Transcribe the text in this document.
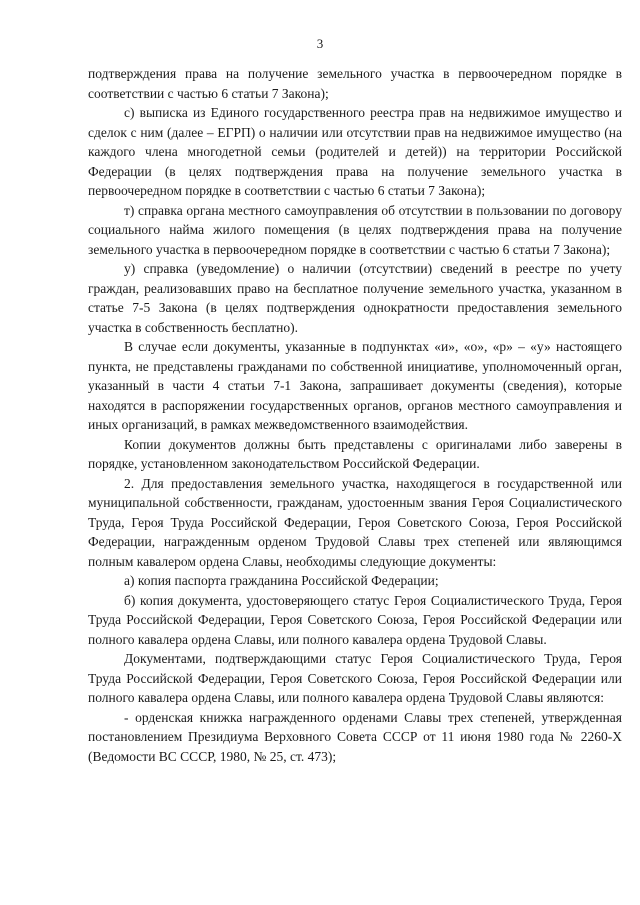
3

подтверждения права на получение земельного участка в первоочередном порядке в соответствии с частью 6 статьи 7 Закона);

с) выписка из Единого государственного реестра прав на недвижимое имущество и сделок с ним (далее – ЕГРП) о наличии или отсутствии прав на недвижимое имущество (на каждого члена многодетной семьи (родителей и детей)) на территории Российской Федерации (в целях подтверждения права на получение земельного участка в первоочередном порядке в соответствии с частью 6 статьи 7 Закона);

т) справка органа местного самоуправления об отсутствии в пользовании по договору социального найма жилого помещения (в целях подтверждения права на получение земельного участка в первоочередном порядке в соответствии с частью 6 статьи 7 Закона);

у) справка (уведомление) о наличии (отсутствии) сведений в реестре по учету граждан, реализовавших право на бесплатное получение земельного участка, указанном в статье 7-5 Закона (в целях подтверждения однократности предоставления земельного участка в собственность бесплатно).

В случае если документы, указанные в подпунктах «и», «о», «р» – «у» настоящего пункта, не представлены гражданами по собственной инициативе, уполномоченный орган, указанный в части 4 статьи 7-1 Закона, запрашивает документы (сведения), которые находятся в распоряжении государственных органов, органов местного самоуправления и иных организаций, в рамках межведомственного взаимодействия.

Копии документов должны быть представлены с оригиналами либо заверены в порядке, установленном законодательством Российской Федерации.

2. Для предоставления земельного участка, находящегося в государственной или муниципальной собственности, гражданам, удостоенным звания Героя Социалистического Труда, Героя Труда Российской Федерации, Героя Советского Союза, Героя Российской Федерации, награжденным орденом Трудовой Славы трех степеней или являющимся полным кавалером ордена Славы, необходимы следующие документы:

а) копия паспорта гражданина Российской Федерации;

б) копия документа, удостоверяющего статус Героя Социалистического Труда, Героя Труда Российской Федерации, Героя Советского Союза, Героя Российской Федерации или полного кавалера ордена Славы, или полного кавалера ордена Трудовой Славы.

Документами, подтверждающими статус Героя Социалистического Труда, Героя Труда Российской Федерации, Героя Советского Союза, Героя Российской Федерации или полного кавалера ордена Славы, или полного кавалера ордена Трудовой Славы являются:

- орденская книжка награжденного орденами Славы трех степеней, утвержденная постановлением Президиума Верховного Совета СССР от 11 июня 1980 года № 2260-X (Ведомости ВС СССР, 1980, № 25, ст. 473);
